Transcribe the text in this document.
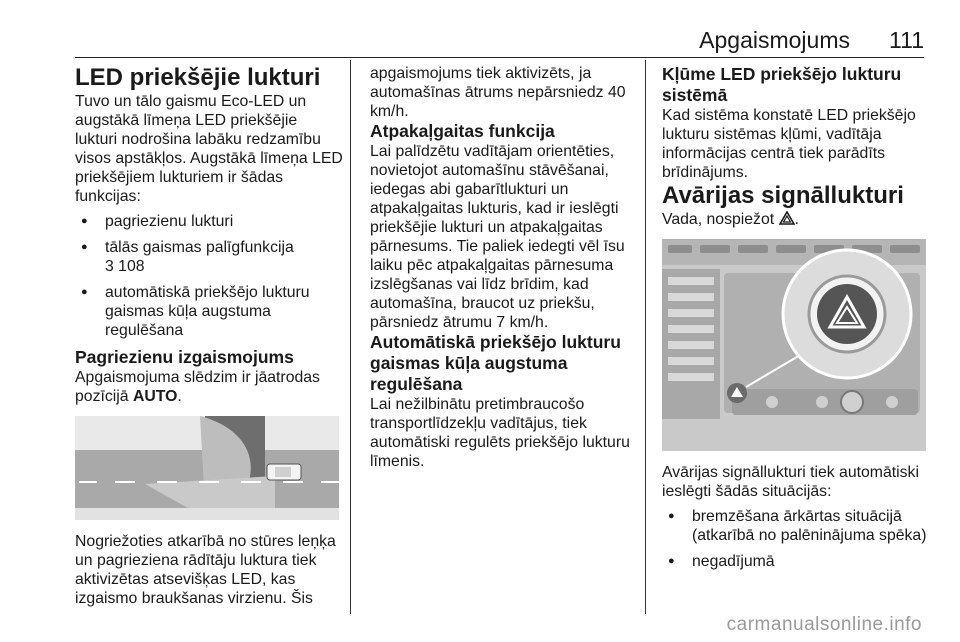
Apgaismojums 111

LED priekšējie lukturi

Tuvo un tālo gaismu Eco-LED un augstākā līmeņa LED priekšējie lukturi nodrošina labāku redzamību visos apstākļos. Augstākā līmeņa LED priekšējiem lukturiem ir šādas funkcijas:

● pagriezienu lukturi
● tālās gaismas palīgfunkcija
3 108
● automātiskā priekšējo lukturu gaismas kūļa augstuma regulēšana

Pagriezienu izgaismojums

Apgaismojuma slēdzim ir jāatrodas pozīcijā AUTO.

Nogriežoties atkarībā no stūres leņķa un pagrieziena rādītāju luktura tiek aktivizētas atsevišķas LED, kas izgaismo braukšanas virzienu. Šis

apgaismojums tiek aktivizēts, ja automašīnas ātrums nepārsniedz 40 km/h.

Atpakaļgaitas funkcija

Lai palīdzētu vadītājam orientēties, novietojot automašīnu stāvēšanai, iedegas abi gabarītlukturi un atpakaļgaitas lukturis, kad ir ieslēgti priekšējie lukturi un atpakaļgaitas pārnesums. Tie paliek iedegti vēl īsu laiku pēc atpakaļgaitas pārnesuma izslēgšanas vai līdz brīdim, kad automašīna, braucot uz priekšu, pārsniedz ātrumu 7 km/h.

Automātiskā priekšējo lukturu gaismas kūļa augstuma regulēšana

Lai nežilbinātu pretimbraucošo transportlīdzekļu vadītājus, tiek automātiski regulēts priekšējo lukturu līmenis.

Kļūme LED priekšējo lukturu sistēmā

Kad sistēma konstatē LED priekšējo lukturu sistēmas kļūmi, vadītāja informācijas centrā tiek parādīts brīdinājums.

Avārijas signāllukturi

Vada, nospiežot .

Avārijas signāllukturi tiek automātiski ieslēgti šādās situācijās:

● bremzēšana ārkārtas situācijā (atkarībā no palēninājuma spēka)
● negadījumā
carmanualsonline.info
